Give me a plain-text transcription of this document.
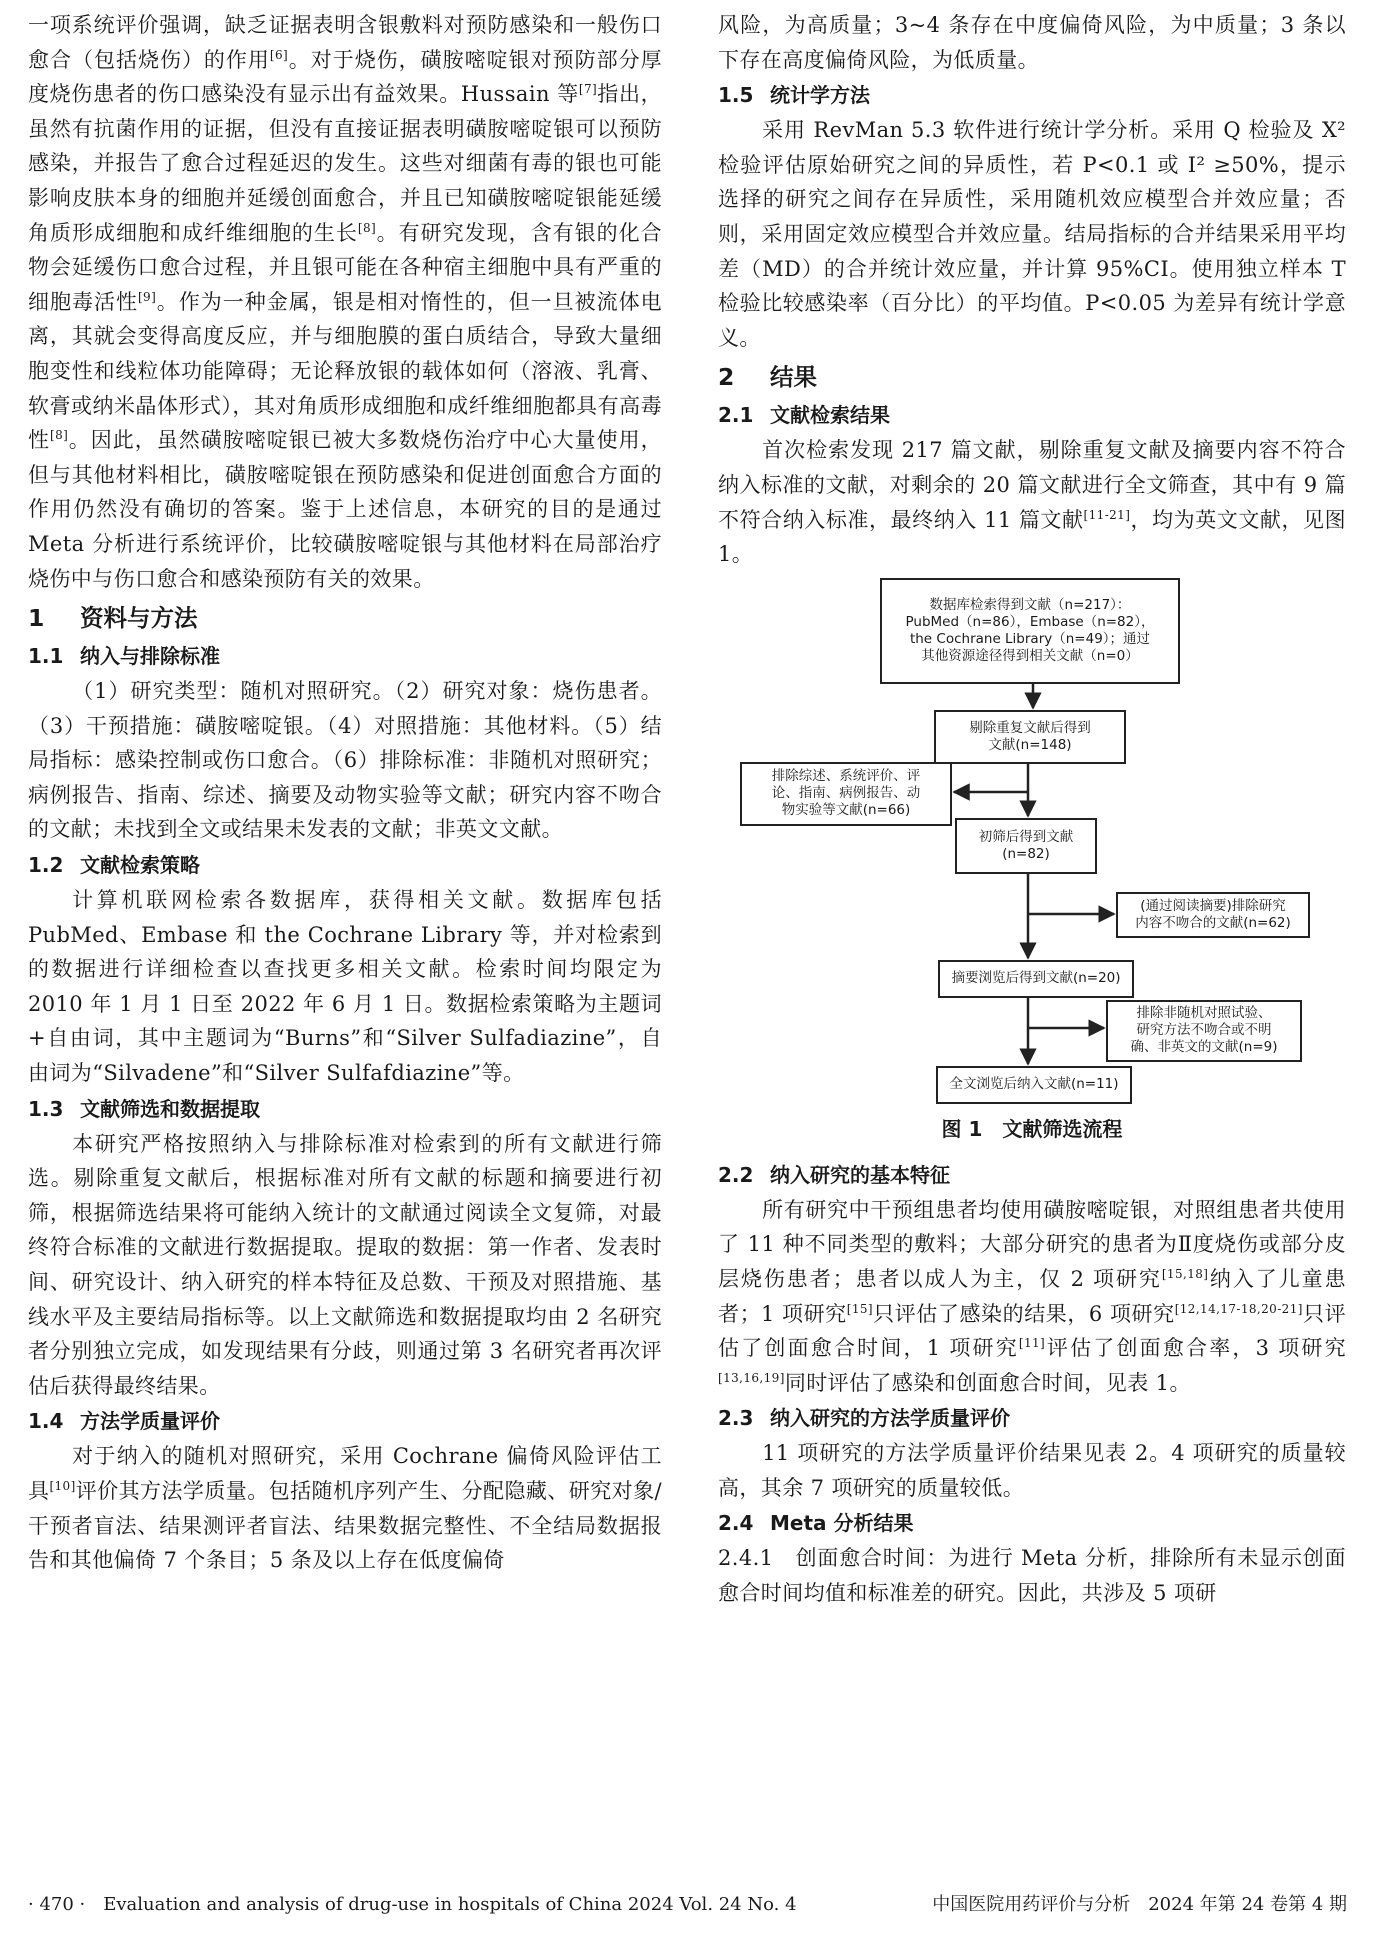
一项系统评价强调，缺乏证据表明含银敷料对预防感染和一般伤口愈合（包括烧伤）的作用[6]。对于烧伤，磺胺嘧啶银对预防部分厚度烧伤患者的伤口感染没有显示出有益效果。Hussain 等[7]指出，虽然有抗菌作用的证据，但没有直接证据表明磺胺嘧啶银可以预防感染，并报告了愈合过程延迟的发生。这些对细菌有毒的银也可能影响皮肤本身的细胞并延缓创面愈合，并且已知磺胺嘧啶银能延缓角质形成细胞和成纤维细胞的生长[8]。有研究发现，含有银的化合物会延缓伤口愈合过程，并且银可能在各种宿主细胞中具有严重的细胞毒活性[9]。作为一种金属，银是相对惰性的，但一旦被流体电离，其就会变得高度反应，并与细胞膜的蛋白质结合，导致大量细胞变性和线粒体功能障碍；无论释放银的载体如何（溶液、乳膏、软膏或纳米晶体形式），其对角质形成细胞和成纤维细胞都具有高毒性[8]。因此，虽然磺胺嘧啶银已被大多数烧伤治疗中心大量使用，但与其他材料相比，磺胺嘧啶银在预防感染和促进创面愈合方面的作用仍然没有确切的答案。鉴于上述信息，本研究的目的是通过 Meta 分析进行系统评价，比较磺胺嘧啶银与其他材料在局部治疗烧伤中与伤口愈合和感染预防有关的效果。

1 资料与方法
1.1 纳入与排除标准

（1）研究类型：随机对照研究。（2）研究对象：烧伤患者。（3）干预措施：磺胺嘧啶银。（4）对照措施：其他材料。（5）结局指标：感染控制或伤口愈合。（6）排除标准：非随机对照研究；病例报告、指南、综述、摘要及动物实验等文献；研究内容不吻合的文献；未找到全文或结果未发表的文献；非英文文献。

1.2 文献检索策略

计算机联网检索各数据库，获得相关文献。数据库包括 PubMed、Embase 和 the Cochrane Library 等，并对检索到的数据进行详细检查以查找更多相关文献。检索时间均限定为 2010 年 1 月 1 日至 2022 年 6 月 1 日。数据检索策略为主题词+自由词，其中主题词为“Burns”和“Silver Sulfadiazine”，自由词为“Silvadene”和“Silver Sulfafdiazine”等。

1.3 文献筛选和数据提取

本研究严格按照纳入与排除标准对检索到的所有文献进行筛选。剔除重复文献后，根据标准对所有文献的标题和摘要进行初筛，根据筛选结果将可能纳入统计的文献通过阅读全文复筛，对最终符合标准的文献进行数据提取。提取的数据：第一作者、发表时间、研究设计、纳入研究的样本特征及总数、干预及对照措施、基线水平及主要结局指标等。以上文献筛选和数据提取均由 2 名研究者分别独立完成，如发现结果有分歧，则通过第 3 名研究者再次评估后获得最终结果。

1.4 方法学质量评价

对于纳入的随机对照研究，采用 Cochrane 偏倚风险评估工具[10]评价其方法学质量。包括随机序列产生、分配隐藏、研究对象/干预者盲法、结果测评者盲法、结果数据完整性、不全结局数据报告和其他偏倚 7 个条目；5 条及以上存在低度偏倚

风险，为高质量；3~4 条存在中度偏倚风险，为中质量；3 条以下存在高度偏倚风险，为低质量。

1.5 统计学方法

采用 RevMan 5.3 软件进行统计学分析。采用 Q 检验及 X² 检验评估原始研究之间的异质性，若 P<0.1 或 I² ≥50%，提示选择的研究之间存在异质性，采用随机效应模型合并效应量；否则，采用固定效应模型合并效应量。结局指标的合并结果采用平均差（MD）的合并统计效应量，并计算 95%CI。使用独立样本 T 检验比较感染率（百分比）的平均值。P<0.05 为差异有统计学意义。

2 结果
2.1 文献检索结果

首次检索发现 217 篇文献，剔除重复文献及摘要内容不符合纳入标准的文献，对剩余的 20 篇文献进行全文筛查，其中有 9 篇不符合纳入标准，最终纳入 11 篇文献[11-21]，均为英文文献，见图 1。

数据库检索得到文献（n=217）：
PubMed（n=86），Embase（n=82），
the Cochrane Library（n=49）；通过
其他资源途径得到相关文献（n=0）
剔除重复文献后得到
文献(n=148)
排除综述、系统评价、评
论、指南、病例报告、动
物实验等文献(n=66)
初筛后得到文献
(n=82)
(通过阅读摘要)排除研究
内容不吻合的文献(n=62)
摘要浏览后得到文献(n=20)
排除非随机对照试验、
研究方法不吻合或不明
确、非英文的文献(n=9)
全文浏览后纳入文献(n=11)
图 1　文献筛选流程
2.2 纳入研究的基本特征

所有研究中干预组患者均使用磺胺嘧啶银，对照组患者共使用了 11 种不同类型的敷料；大部分研究的患者为Ⅱ度烧伤或部分皮层烧伤患者；患者以成人为主，仅 2 项研究[15,18]纳入了儿童患者；1 项研究[15]只评估了感染的结果，6 项研究[12,14,17-18,20-21]只评估了创面愈合时间，1 项研究[11]评估了创面愈合率，3 项研究[13,16,19]同时评估了感染和创面愈合时间，见表 1。

2.3 纳入研究的方法学质量评价

11 项研究的方法学质量评价结果见表 2。4 项研究的质量较高，其余 7 项研究的质量较低。

2.4 Meta 分析结果

2.4.1　 创面愈合时间：为进行 Meta 分析，排除所有未显示创面愈合时间均值和标准差的研究。因此，共涉及 5 项研

· 470 ·　Evaluation and analysis of drug-use in hospitals of China 2024 Vol. 24 No. 4	中国医院用药评价与分析　2024 年第 24 卷第 4 期
